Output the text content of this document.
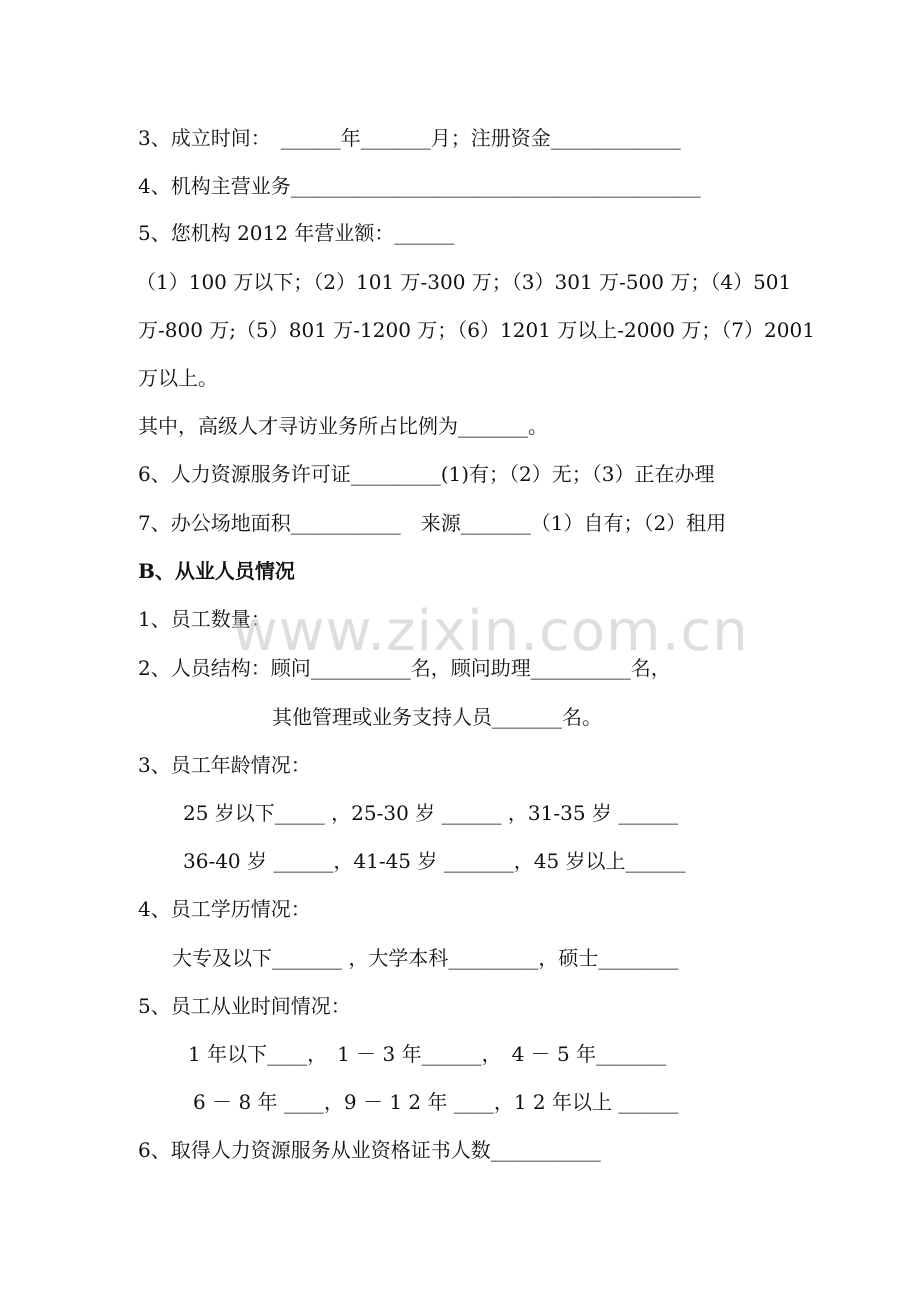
3、成立时间：　______年_______月；注册资金_____________
4、机构主营业务_________________________________________
5、您机构 2012 年营业额：______
（1）100 万以下；（2）101 万-300 万；（3）301 万-500 万；（4）501
万-800 万;（5）801 万-1200 万；（6）1201 万以上-2000 万；（7）2001
万以上。
其中，高级人才寻访业务所占比例为_______。
6、人力资源服务许可证_________(1)有；（2）无；（3）正在办理
7、办公场地面积___________　来源_______（1）自有；（2）租用
B、从业人员情况
1、员工数量：
2、人员结构：顾问__________名，顾问助理__________名，
其他管理或业务支持人员_______名。
3、员工年龄情况：
25 岁以下_____ ，25-30 岁 ______ ，31-35 岁 ______
36-40 岁 ______，41-45 岁 _______，45 岁以上______
4、员工学历情况：
大专及以下_______ ，大学本科_________，硕士________
5、员工从业时间情况：
1 年以下____，　1 － 3 年______，　4 － 5 年_______
6 － 8 年 ____，9 － 1 2 年 ____，1 2 年以上 ______
6、取得人力资源服务从业资格证书人数___________
www.zixin.com.cn
